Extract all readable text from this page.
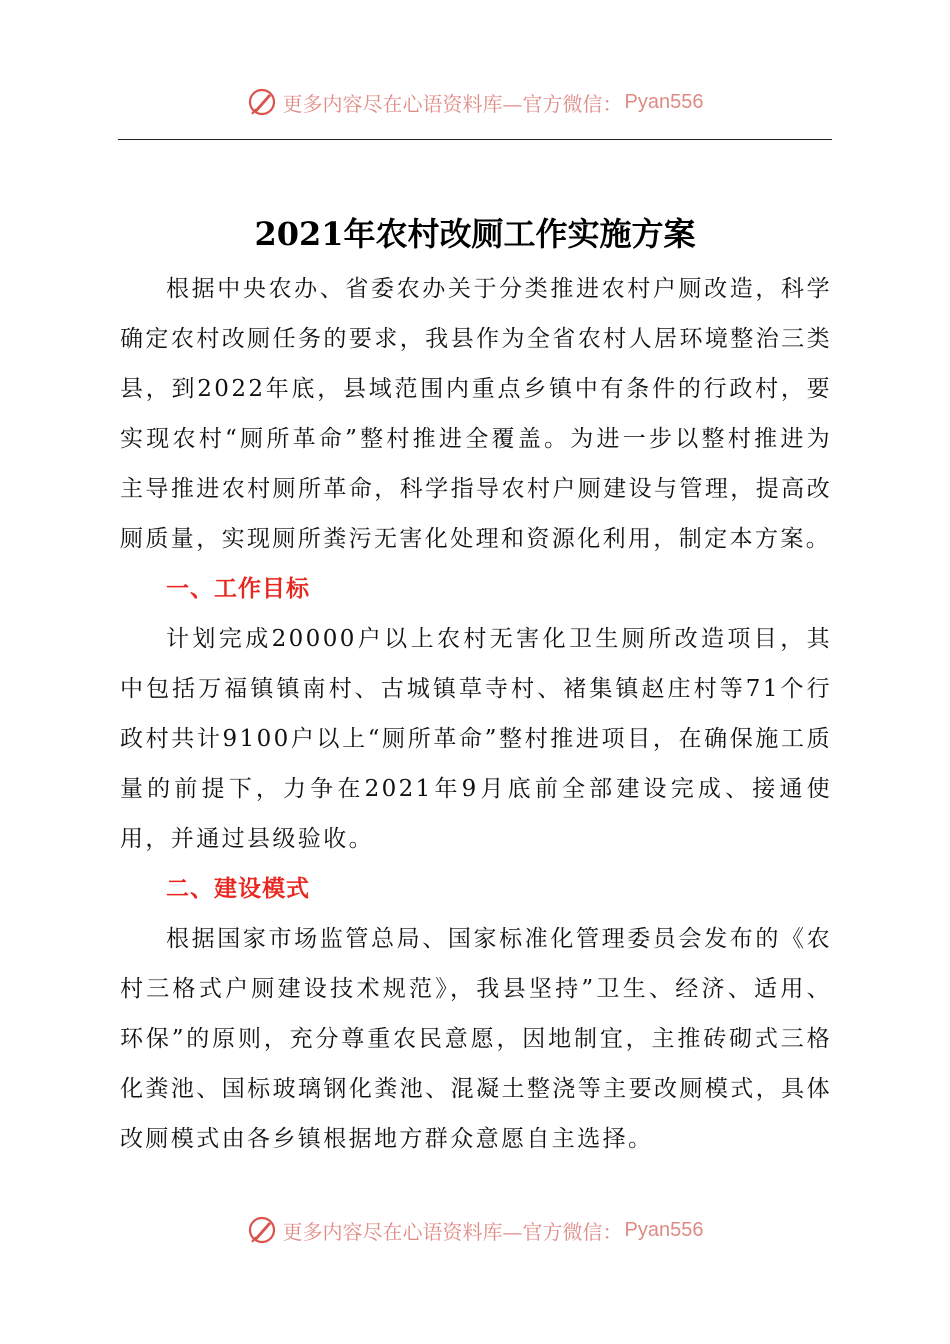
更多内容尽在心语资料库—官方微信： Pyan556
2021年农村改厕工作实施方案

根据中央农办、省委农办关于分类推进农村户厕改造，科学确定农村改厕任务的要求，我县作为全省农村人居环境整治三类县，到2022年底，县域范围内重点乡镇中有条件的行政村，要实现农村“厕所革命”整村推进全覆盖。为进一步以整村推进为主导推进农村厕所革命，科学指导农村户厕建设与管理，提高改厕质量，实现厕所粪污无害化处理和资源化利用，制定本方案。

一、工作目标

计划完成20000户以上农村无害化卫生厕所改造项目，其中包括万福镇镇南村、古城镇草寺村、褚集镇赵庄村等71个行政村共计9100户以上“厕所革命”整村推进项目，在确保施工质量的前提下，力争在2021年9月底前全部建设完成、接通使用，并通过县级验收。

二、建设模式

根据国家市场监管总局、国家标准化管理委员会发布的《农村三格式户厕建设技术规范》，我县坚持”卫生、经济、适用、环保”的原则，充分尊重农民意愿，因地制宜，主推砖砌式三格化粪池、国标玻璃钢化粪池、混凝土整浇等主要改厕模式，具体改厕模式由各乡镇根据地方群众意愿自主选择。

更多内容尽在心语资料库—官方微信： Pyan556
